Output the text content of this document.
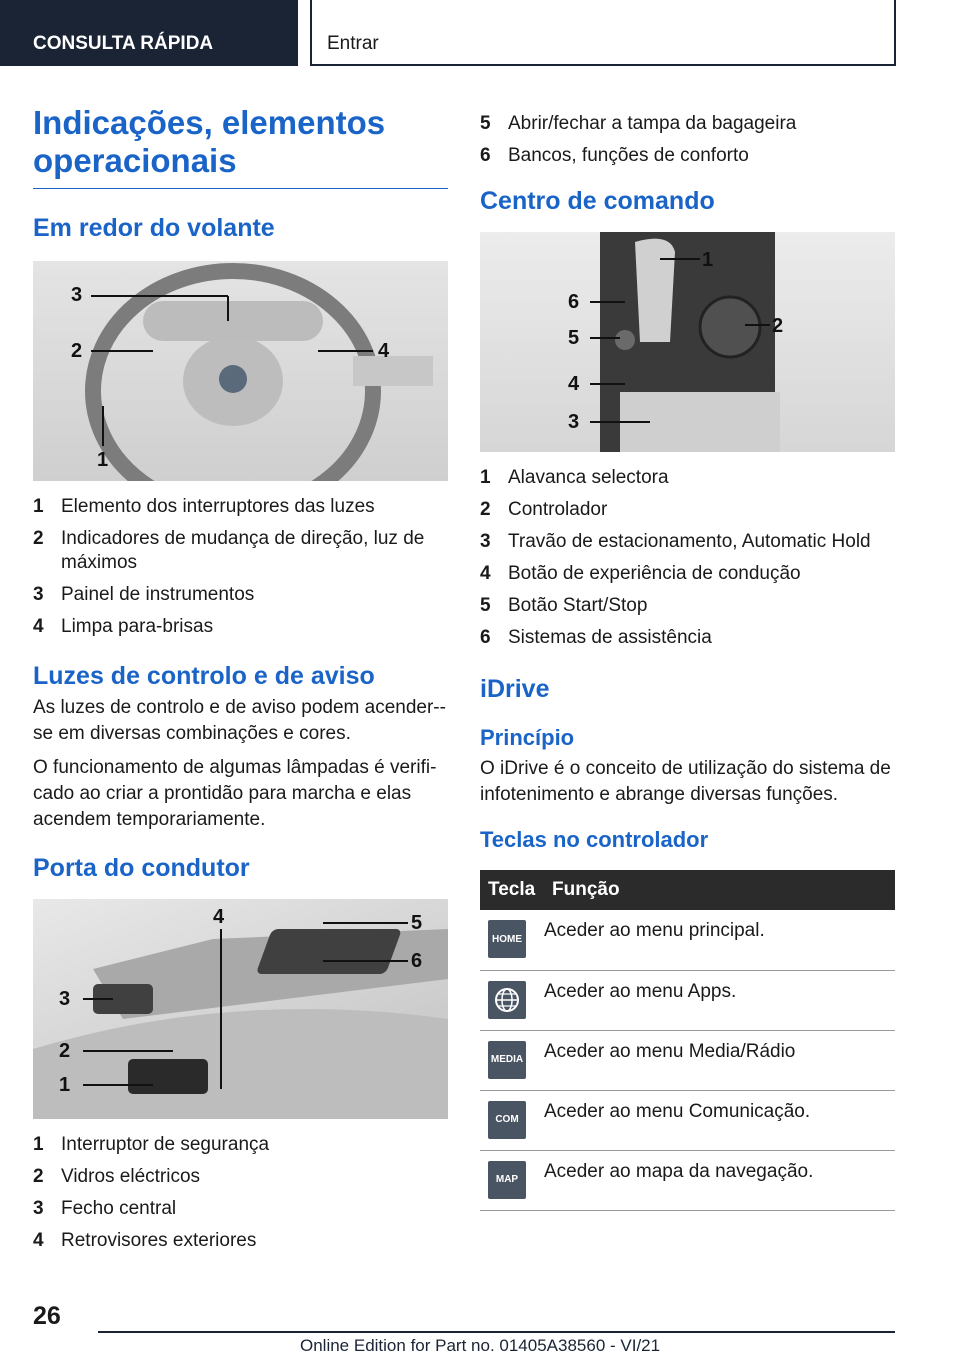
CONSULTA RÁPIDA	Entrar
Indicações, elementos
operacionais
Em redor do volante
3
2	4
1
1 Elemento dos interruptores das luzes
2 Indicadores de mudança de direção, luz de máximos
3 Painel de instrumentos
4 Limpa para-brisas
Luzes de controlo e de aviso

As luzes de controlo e de aviso podem acender--se em diversas combinações e cores.

O funcionamento de algumas lâmpadas é verifi-cado ao criar a prontidão para marcha e elas acendem temporariamente.

Porta do condutor
4	5
6
3
2
1
1 Interruptor de segurança
2 Vidros eléctricos
3 Fecho central
4 Retrovisores exteriores
5 Abrir/fechar a tampa da bagageira
6 Bancos, funções de conforto
Centro de comando
1
6
2
5
4
3
1 Alavanca selectora
2 Controlador
3 Travão de estacionamento, Automatic Hold
4 Botão de experiência de condução
5 Botão Start/Stop
6 Sistemas de assistência
iDrive
Princípio

O iDrive é o conceito de utilização do sistema de infotenimento e abrange diversas funções.

Teclas no controlador
Tecla	Função

HOME	Aceder ao menu principal.

	Aceder ao menu Apps.

MEDIA	Aceder ao menu Media/Rádio

COM	Aceder ao menu Comunicação.

MAP	Aceder ao mapa da navegação.
26
Online Edition for Part no. 01405A38560 - VI/21
